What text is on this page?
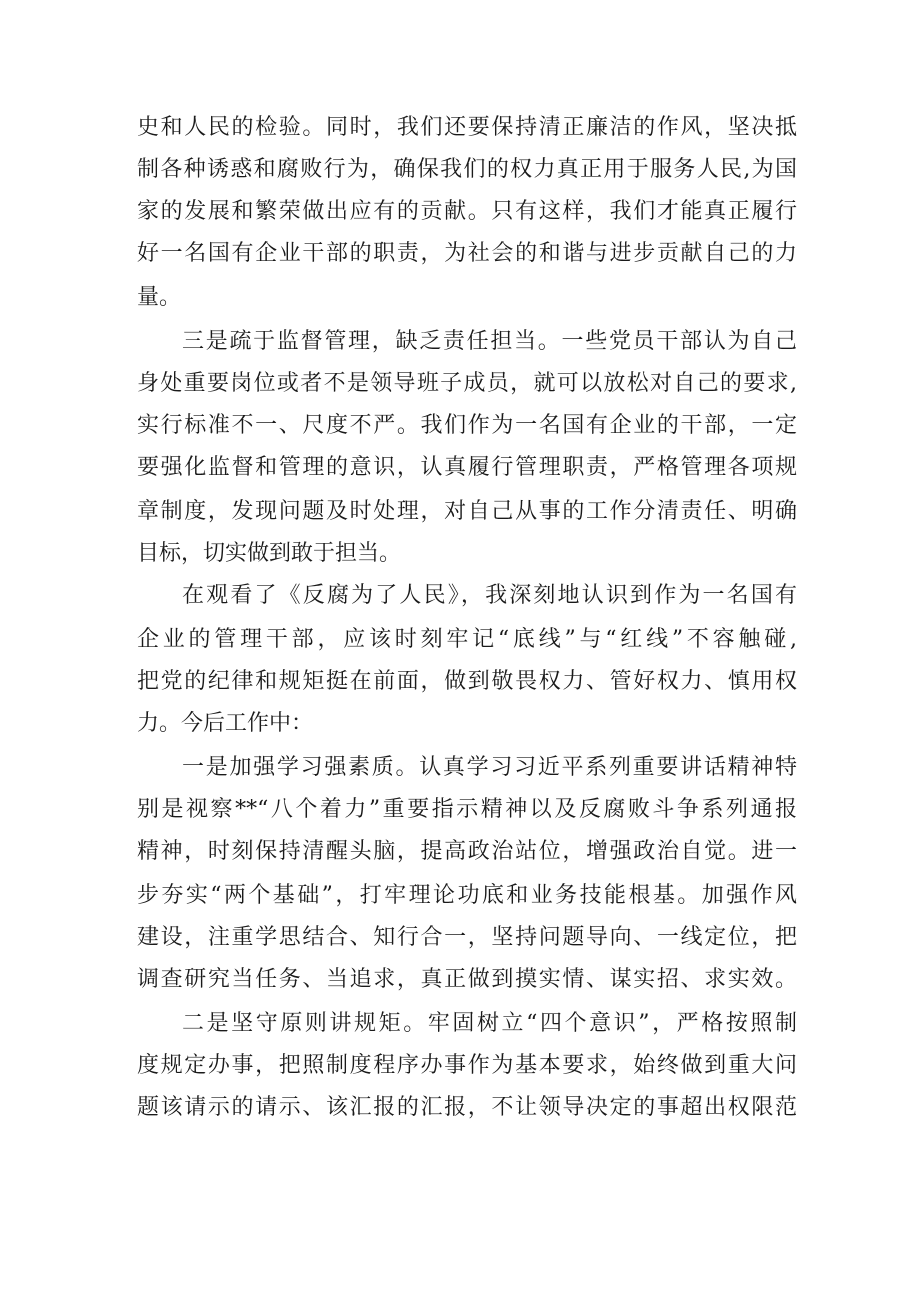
史和人民的检验。同时，我们还要保持清正廉洁的作风，坚决抵
制各种诱惑和腐败行为，确保我们的权力真正用于服务人民,为国
家的发展和繁荣做出应有的贡献。只有这样，我们才能真正履行
好一名国有企业干部的职责，为社会的和谐与进步贡献自己的力
量。
三是疏于监督管理，缺乏责任担当。一些党员干部认为自己
身处重要岗位或者不是领导班子成员，就可以放松对自己的要求,
实行标准不一、尺度不严。我们作为一名国有企业的干部，一定
要强化监督和管理的意识，认真履行管理职责，严格管理各项规
章制度，发现问题及时处理，对自己从事的工作分清责任、明确
目标，切实做到敢于担当。
在观看了《反腐为了人民》，我深刻地认识到作为一名国有
企业的管理干部，应该时刻牢记“底线”与“红线”不容触碰,
把党的纪律和规矩挺在前面，做到敬畏权力、管好权力、慎用权
力。今后工作中：
一是加强学习强素质。认真学习习近平系列重要讲话精神特
别是视察**“八个着力”重要指示精神以及反腐败斗争系列通报
精神，时刻保持清醒头脑，提高政治站位，增强政治自觉。进一
步夯实“两个基础”，打牢理论功底和业务技能根基。加强作风
建设，注重学思结合、知行合一，坚持问题导向、一线定位，把
调查研究当任务、当追求，真正做到摸实情、谋实招、求实效。
二是坚守原则讲规矩。牢固树立“四个意识”，严格按照制
度规定办事，把照制度程序办事作为基本要求，始终做到重大问
题该请示的请示、该汇报的汇报，不让领导决定的事超出权限范
